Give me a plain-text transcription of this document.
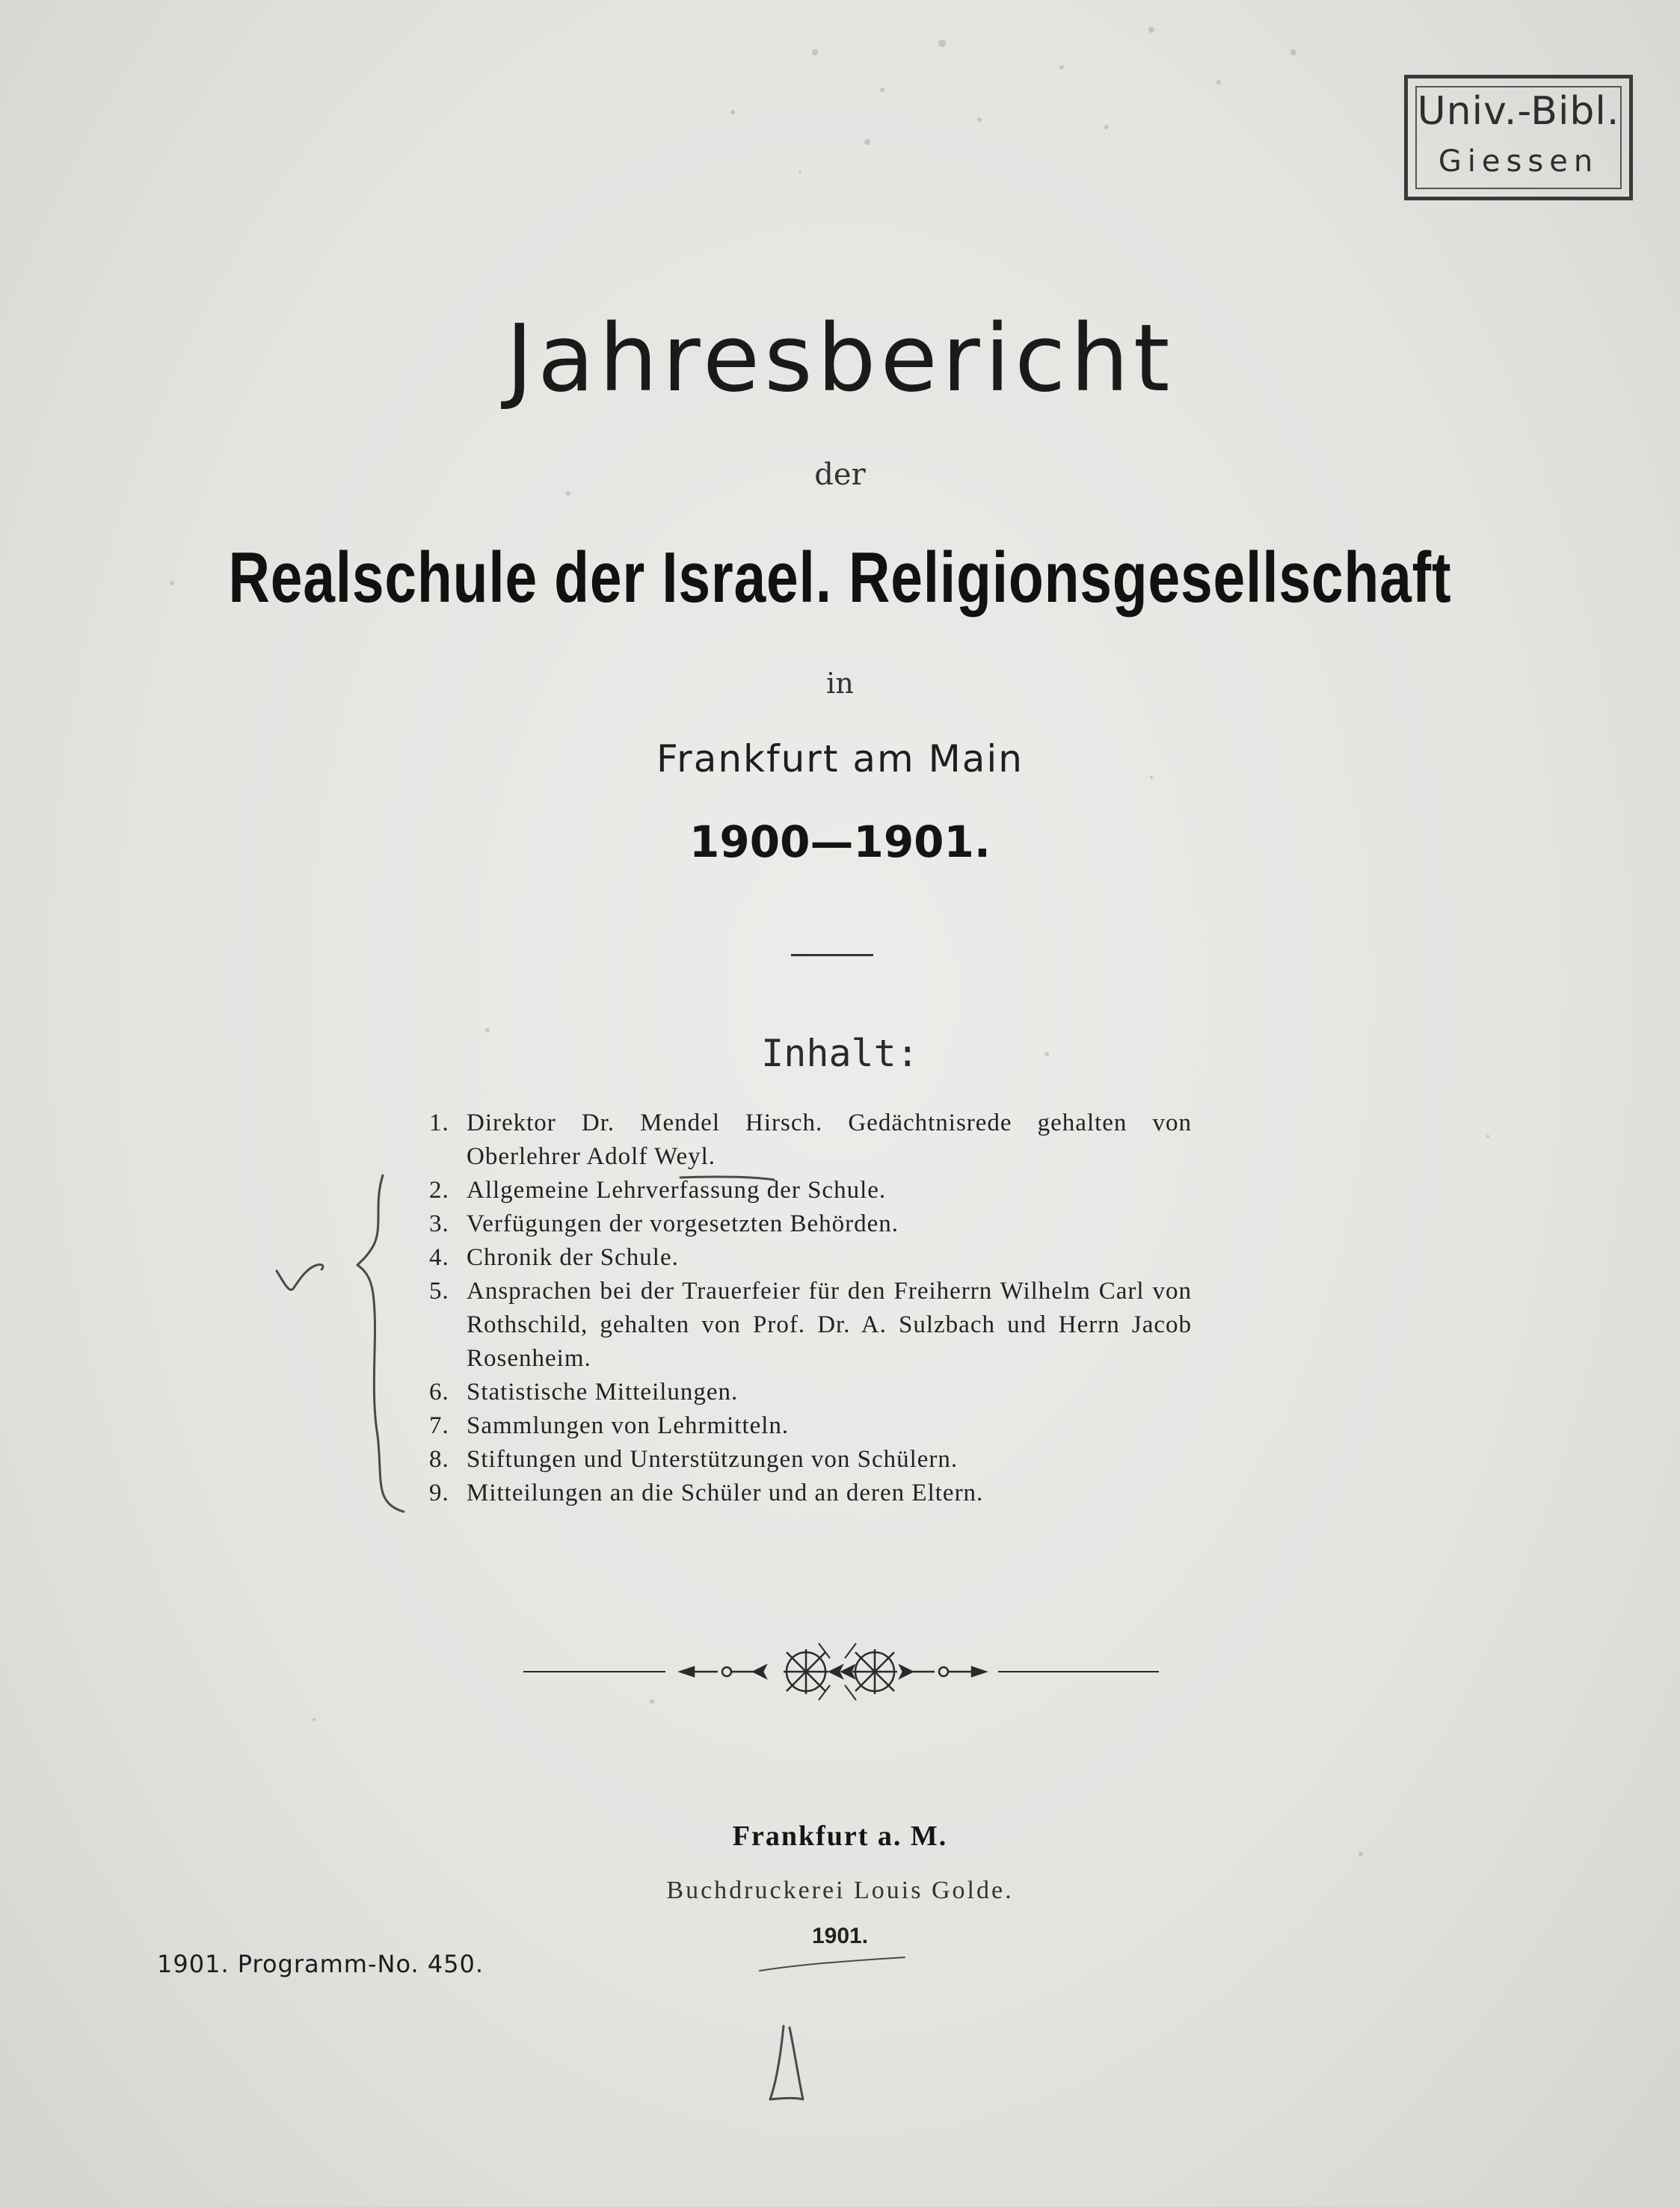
Univ.-Bibl.
Giessen
Jahresbericht
der
Realschule der Israel. Religionsgesellschaft
in
Frankfurt am Main
1900—1901.
Inhalt:
1. Direktor Dr. Mendel Hirsch. Gedächtnisrede gehalten von Oberlehrer Adolf Weyl.
2. Allgemeine Lehrverfassung der Schule.
3. Verfügungen der vorgesetzten Behörden.
4. Chronik der Schule.
5. Ansprachen bei der Trauerfeier für den Freiherrn Wilhelm Carl von Rothschild, gehalten von Prof. Dr. A. Sulzbach und Herrn Jacob Rosenheim.
6. Statistische Mitteilungen.
7. Sammlungen von Lehrmitteln.
8. Stiftungen und Unterstützungen von Schülern.
9. Mitteilungen an die Schüler und an deren Eltern.
Frankfurt a. M.
Buchdruckerei Louis Golde.
1901.
1901. Programm-No. 450.
